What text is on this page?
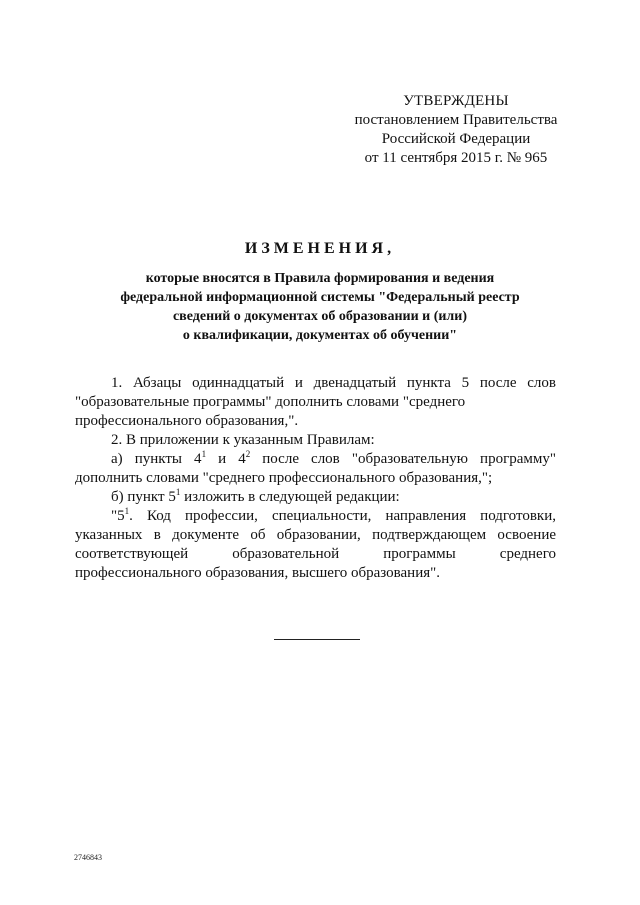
УТВЕРЖДЕНЫ
постановлением Правительства
Российской Федерации
от 11 сентября 2015 г. № 965
ИЗМЕНЕНИЯ,
которые вносятся в Правила формирования и ведения
федеральной информационной системы "Федеральный реестр
сведений о документах об образовании и (или)
о квалификации, документах об обучении"

1. Абзацы одиннадцатый и двенадцатый пункта 5 после слов "образовательные программы" дополнить словами "среднего

профессионального образования,".

2. В приложении к указанным Правилам:

а) пункты $4^1$ и $4^2$ после слов "образовательную программу" дополнить словами "среднего профессионального образования,";

б) пункт $5^1$ изложить в следующей редакции:

"$5^1$. Код профессии, специальности, направления подготовки, указанных в документе об образовании, подтверждающем освоение соответствующей образовательной программы среднего профессионального образования, высшего образования".

2746843
